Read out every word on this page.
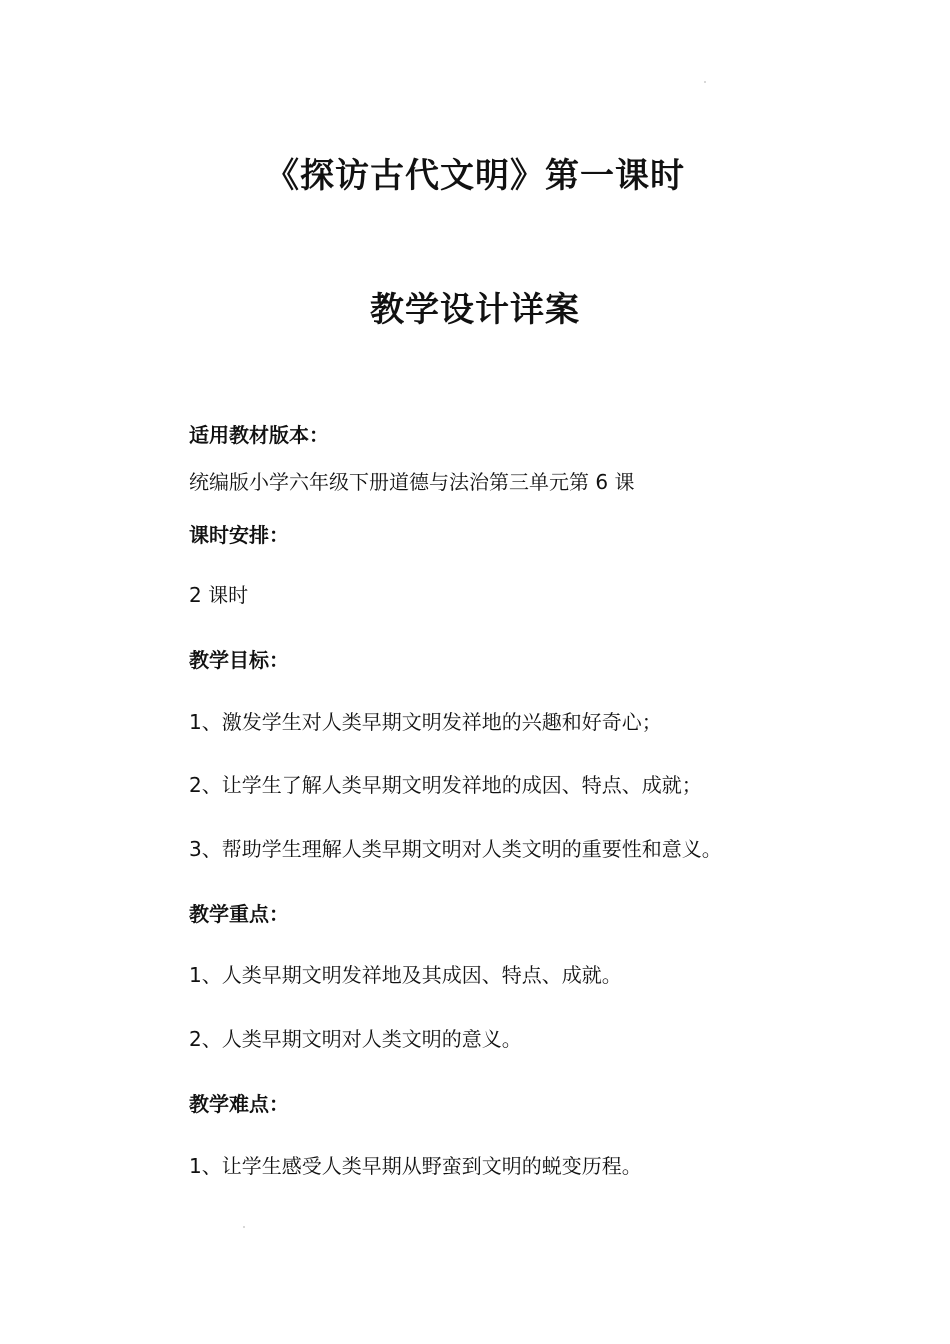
《探访古代文明》第一课时
教学设计详案
适用教材版本：
统编版小学六年级下册道德与法治第三单元第 6 课
课时安排：
2 课时
教学目标：
1、激发学生对人类早期文明发祥地的兴趣和好奇心；
2、让学生了解人类早期文明发祥地的成因、特点、成就；
3、帮助学生理解人类早期文明对人类文明的重要性和意义。
教学重点：
1、人类早期文明发祥地及其成因、特点、成就。
2、人类早期文明对人类文明的意义。
教学难点：
1、让学生感受人类早期从野蛮到文明的蜕变历程。
